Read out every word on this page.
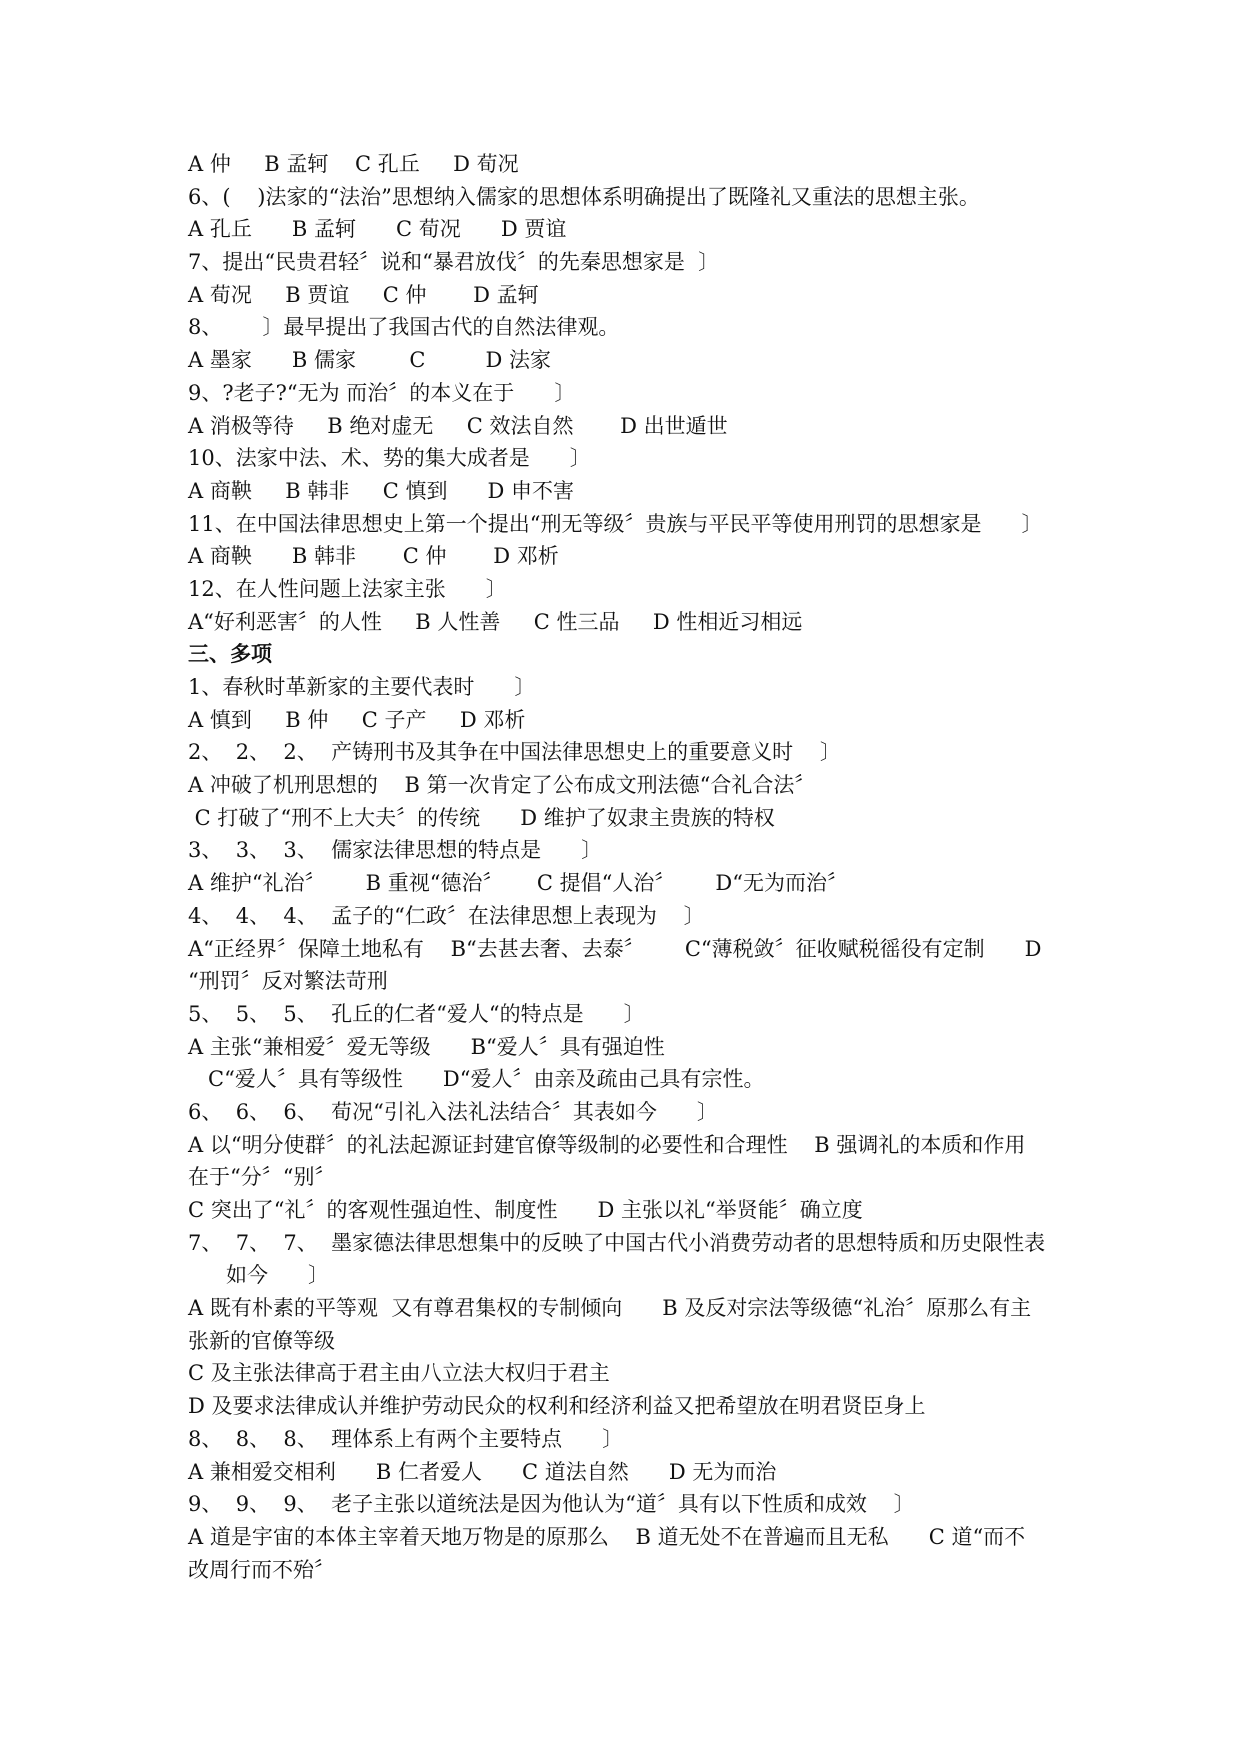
A 仲     B 孟轲    C 孔丘     D 荀况
6、(    )法家的“法治”思想纳入儒家的思想体系明确提出了既隆礼又重法的思想主张。
A 孔丘      B 孟轲      C 荀况      D 贾谊
7、提出“民贵君轻〞说和“暴君放伐〞的先秦思想家是  〕
A 荀况     B 贾谊     C 仲       D 孟轲
8、      〕最早提出了我国古代的自然法律观。
A 墨家      B 儒家        C         D 法家
9、?老子?“无为 而治〞的本义在于      〕
A 消极等待     B 绝对虚无     C 效法自然       D 出世遁世
10、法家中法、术、势的集大成者是      〕
A 商鞅     B 韩非     C 慎到      D 申不害
11、在中国法律思想史上第一个提出“刑无等级〞贵族与平民平等使用刑罚的思想家是      〕
A 商鞅      B 韩非       C 仲       D 邓析
12、在人性问题上法家主张      〕
A“好利恶害〞的人性     B 人性善     C 性三品     D 性相近习相远
三、多项
1、春秋时革新家的主要代表时      〕
A 慎到     B 仲     C 子产     D 邓析
2、  2、  2、  产铸刑书及其争在中国法律思想史上的重要意义时    〕
A 冲破了机刑思想的    B 第一次肯定了公布成文刑法德“合礼合法〞
C 打破了“刑不上大夫〞的传统      D 维护了奴隶主贵族的特权
3、  3、  3、  儒家法律思想的特点是      〕
A 维护“礼治〞      B 重视“德治〞     C 提倡“人治〞      D“无为而治〞
4、  4、  4、  孟子的“仁政〞在法律思想上表现为    〕
A“正经界〞保障土地私有    B“去甚去奢、去泰〞      C“薄税敛〞征收赋税徭役有定制      D
“刑罚〞反对繁法苛刑
5、  5、  5、  孔丘的仁者“爱人“的特点是      〕
A 主张“兼相爱〞爱无等级      B“爱人〞具有强迫性
C“爱人〞具有等级性      D“爱人〞由亲及疏由己具有宗性。
6、  6、  6、  荀况“引礼入法礼法结合〞其表如今      〕
A 以“明分使群〞的礼法起源证封建官僚等级制的必要性和合理性    B 强调礼的本质和作用
在于“分〞“别〞
C 突出了“礼〞的客观性强迫性、制度性      D 主张以礼“举贤能〞确立度
7、  7、  7、  墨家德法律思想集中的反映了中国古代小消费劳动者的思想特质和历史限性表
如今      〕
A 既有朴素的平等观  又有尊君集权的专制倾向      B 及反对宗法等级德“礼治〞原那么有主
张新的官僚等级
C 及主张法律高于君主由八立法大权归于君主
D 及要求法律成认并维护劳动民众的权利和经济利益又把希望放在明君贤臣身上
8、  8、  8、  理体系上有两个主要特点      〕
A 兼相爱交相利      B 仁者爱人      C 道法自然      D 无为而治
9、  9、  9、  老子主张以道统法是因为他认为“道〞具有以下性质和成效    〕
A 道是宇宙的本体主宰着天地万物是的原那么    B 道无处不在普遍而且无私      C 道“而不
改周行而不殆〞
